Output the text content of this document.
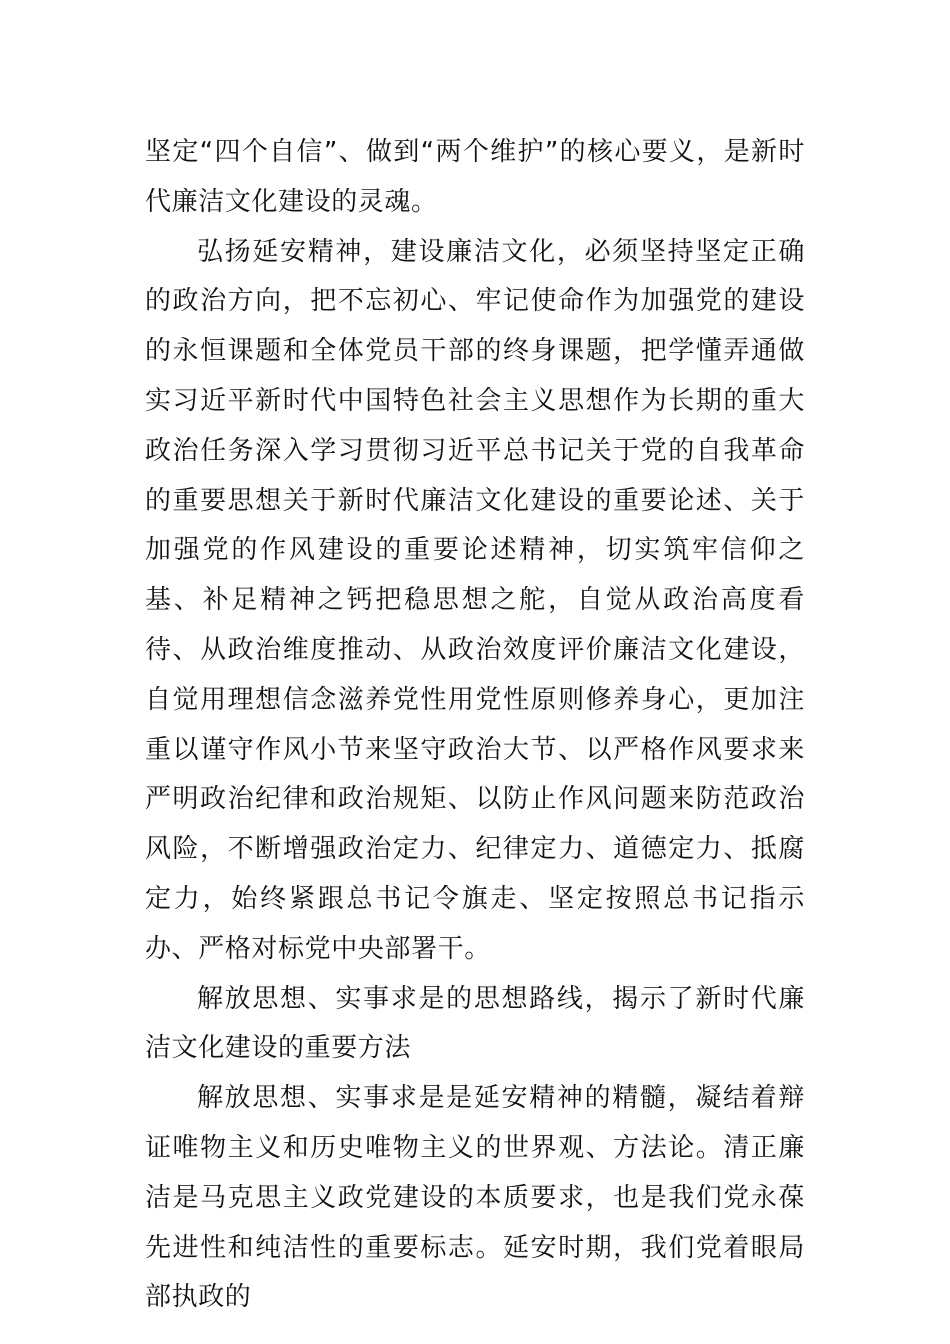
坚定“四个自信”、做到“两个维护”的核心要义，是新时代廉洁文化建设的灵魂。

弘扬延安精神，建设廉洁文化，必须坚持坚定正确的政治方向，把不忘初心、牢记使命作为加强党的建设的永恒课题和全体党员干部的终身课题，把学懂弄通做实习近平新时代中国特色社会主义思想作为长期的重大政治任务深入学习贯彻习近平总书记关于党的自我革命的重要思想关于新时代廉洁文化建设的重要论述、关于加强党的作风建设的重要论述精神，切实筑牢信仰之基、补足精神之钙把稳思想之舵，自觉从政治高度看待、从政治维度推动、从政治效度评价廉洁文化建设，自觉用理想信念滋养党性用党性原则修养身心，更加注重以谨守作风小节来坚守政治大节、以严格作风要求来严明政治纪律和政治规矩、以防止作风问题来防范政治风险，不断增强政治定力、纪律定力、道德定力、抵腐定力，始终紧跟总书记令旗走、坚定按照总书记指示办、严格对标党中央部署干。

解放思想、实事求是的思想路线，揭示了新时代廉洁文化建设的重要方法

解放思想、实事求是是延安精神的精髓，凝结着辩证唯物主义和历史唯物主义的世界观、方法论。清正廉洁是马克思主义政党建设的本质要求，也是我们党永葆先进性和纯洁性的重要标志。延安时期，我们党着眼局部执政的
